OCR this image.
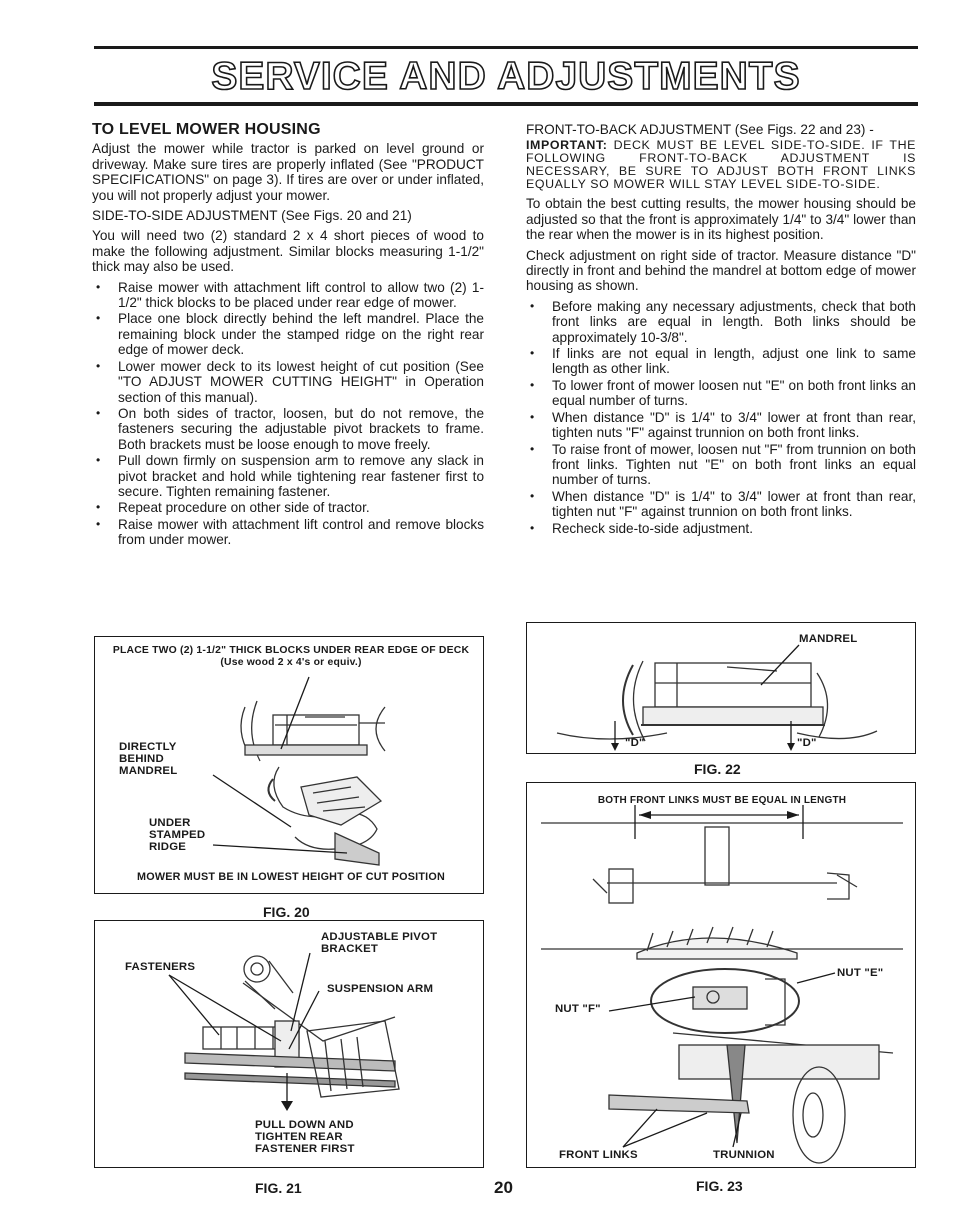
SERVICE AND ADJUSTMENTS
TO LEVEL MOWER HOUSING

Adjust the mower while tractor is parked on level ground or driveway. Make sure tires are properly inflated (See "PRODUCT SPECIFICATIONS" on page 3). If tires are over or under inflated, you will not properly adjust your mower.

SIDE-TO-SIDE ADJUSTMENT (See Figs. 20 and 21)

You will need two (2) standard 2 x 4 short pieces of wood to make the following adjustment. Similar blocks measuring 1-1/2" thick may also be used.

• Raise mower with attachment lift control to allow two (2) 1-1/2" thick blocks to be placed under rear edge of mower.
• Place one block directly behind the left mandrel. Place the remaining block under the stamped ridge on the right rear edge of mower deck.
• Lower mower deck to its lowest height of cut position (See "TO ADJUST MOWER CUTTING HEIGHT" in Operation section of this manual).
• On both sides of tractor, loosen, but do not remove, the fasteners securing the adjustable pivot brackets to frame. Both brackets must be loose enough to move freely.
• Pull down firmly on suspension arm to remove any slack in pivot bracket and hold while tightening rear fastener first to secure. Tighten remaining fastener.
• Repeat procedure on other side of tractor.
• Raise mower with attachment lift control and remove blocks from under mower.

FRONT-TO-BACK ADJUSTMENT (See Figs. 22 and 23) -

IMPORTANT: DECK MUST BE LEVEL SIDE-TO-SIDE. IF THE FOLLOWING FRONT-TO-BACK ADJUSTMENT IS NECESSARY, BE SURE TO ADJUST BOTH FRONT LINKS EQUALLY SO MOWER WILL STAY LEVEL SIDE-TO-SIDE.

To obtain the best cutting results, the mower housing should be adjusted so that the front is approximately 1/4" to 3/4" lower than the rear when the mower is in its highest position.

Check adjustment on right side of tractor. Measure distance "D" directly in front and behind the mandrel at bottom edge of mower housing as shown.

• Before making any necessary adjustments, check that both front links are equal in length. Both links should be approximately 10-3/8".
• If links are not equal in length, adjust one link to same length as other link.
• To lower front of mower loosen nut "E" on both front links an equal number of turns.
• When distance "D" is 1/4" to 3/4" lower at front than rear, tighten nuts "F" against trunnion on both front links.
• To raise front of mower, loosen nut "F" from trunnion on both front links. Tighten nut "E" on both front links an equal number of turns.
• When distance "D" is 1/4" to 3/4" lower at front than rear, tighten nut "F" against trunnion on both front links.
• Recheck side-to-side adjustment.
PLACE TWO (2) 1-1/2" THICK BLOCKS UNDER REAR EDGE OF DECK (Use wood 2 x 4's or equiv.)
DIRECTLY BEHIND MANDREL
UNDER STAMPED RIDGE
MOWER MUST BE IN LOWEST HEIGHT OF CUT POSITION
FIG. 20
ADJUSTABLE PIVOT BRACKET
FASTENERS
SUSPENSION ARM
PULL DOWN AND TIGHTEN REAR FASTENER FIRST
FIG. 21
MANDREL
"D"	"D"
FIG. 22
BOTH FRONT LINKS MUST BE EQUAL IN LENGTH
NUT "E"
NUT "F"
FRONT LINKS	TRUNNION
FIG. 23
20
